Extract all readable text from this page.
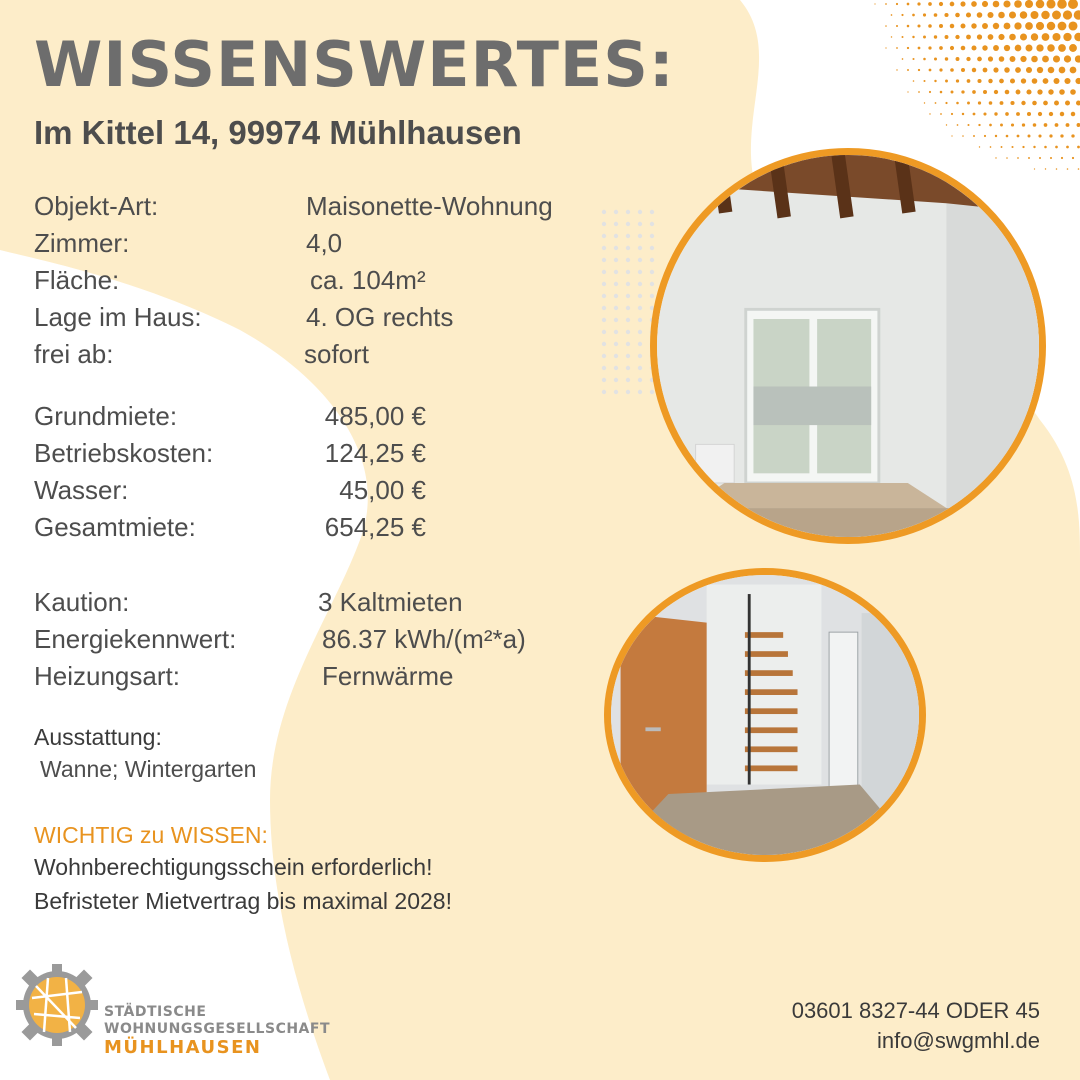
WISSENSWERTES:
Im Kittel 14, 99974 Mühlhausen
Objekt-Art:	Maisonette-Wohnung
Zimmer:	4,0
Fläche:	ca. 104m²
Lage im Haus:	4. OG rechts
frei ab:	sofort
Grundmiete:	485,00 €
Betriebskosten:	124,25 €
Wasser:	45,00 €
Gesamtmiete:	654,25 €
Kaution:	3 Kaltmieten
Energiekennwert:	86.37 kWh/(m²*a)
Heizungsart:	Fernwärme
Ausstattung:
Wanne; Wintergarten
WICHTIG zu WISSEN:
Wohnberechtigungsschein erforderlich!
Befristeter Mietvertrag bis maximal 2028!
STÄDTISCHE
WOHNUNGSGESELLSCHAFT
MÜHLHAUSEN
03601 8327-44 ODER 45
info@swgmhl.de
